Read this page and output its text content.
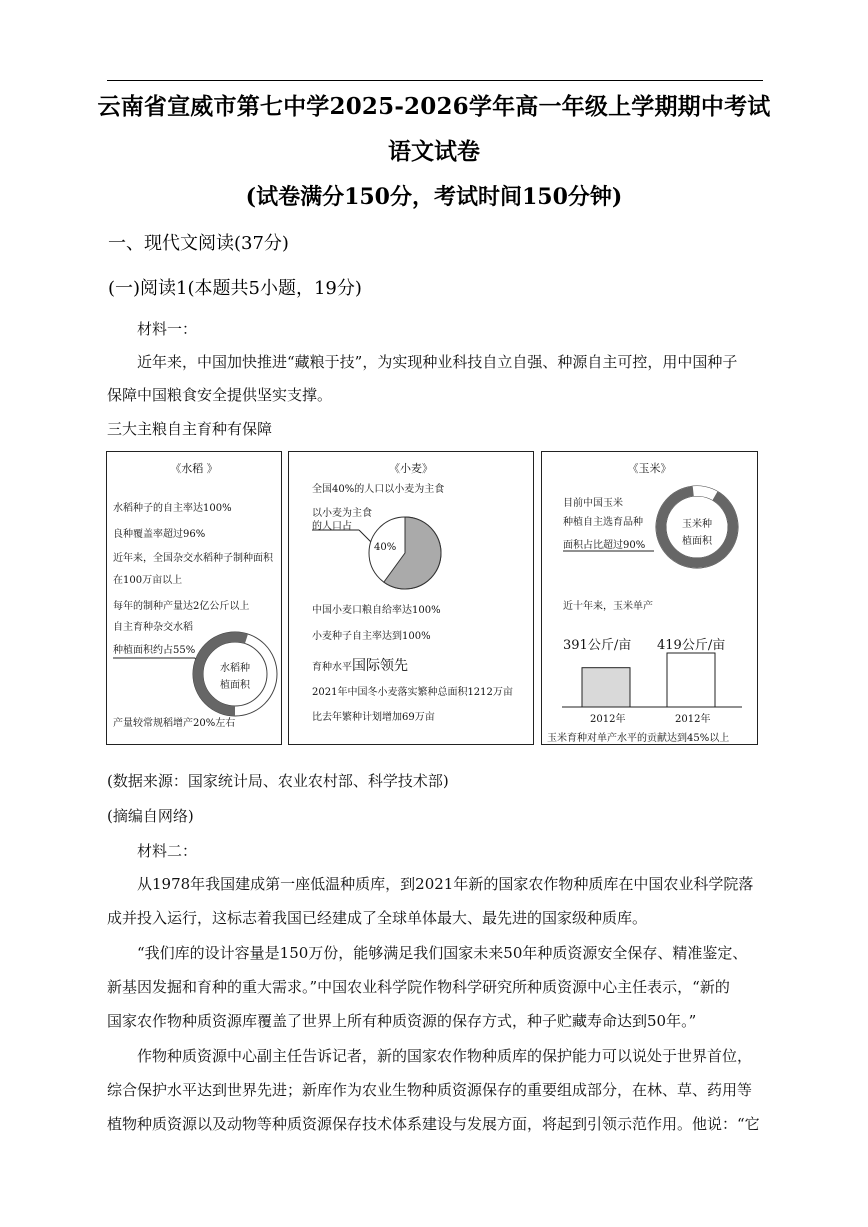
云南省宣威市第七中学2025-2026学年高一年级上学期期中考试
语文试卷
(试卷满分150分，考试时间150分钟)
一、现代文阅读(37分)
(一)阅读1(本题共5小题，19分)
材料一：
近年来，中国加快推进“藏粮于技”，为实现种业科技自立自强、种源自主可控，用中国种子
保障中国粮食安全提供坚实支撑。
三大主粮自主育种有保障
《水稻 》
水稻种子的自主率达100%
良种覆盖率超过96%
近年来，全国杂交水稻种子制种面积
在100万亩以上
每年的制种产量达2亿公斤以上
自主育种杂交水稻
种植面积约占55%
水稻种
植面积
产量较常规稻增产20%左右
《小麦》
全国40%的人口以小麦为主食
以小麦为主食
的人口占
40%
中国小麦口粮自给率达100%
小麦种子自主率达到100%
育种水平国际领先
2021年中国冬小麦落实繁种总面积1212万亩
比去年繁种计划增加69万亩
《玉米》
目前中国玉米
种植自主选育品种
面积占比超过90%
玉米种
植面积
近十年来，玉米单产
391公斤/亩 419公斤/亩
2012年	2012年
玉米育种对单产水平的贡献达到45%以上
(数据来源：国家统计局、农业农村部、科学技术部)
(摘编自网络)
材料二：
从1978年我国建成第一座低温种质库，到2021年新的国家农作物种质库在中国农业科学院落
成并投入运行，这标志着我国已经建成了全球单体最大、最先进的国家级种质库。
“我们库的设计容量是150万份，能够满足我们国家未来50年种质资源安全保存、精准鉴定、
新基因发掘和育种的重大需求。”中国农业科学院作物科学研究所种质资源中心主任表示，“新的
国家农作物种质资源库覆盖了世界上所有种质资源的保存方式，种子贮藏寿命达到50年。”
作物种质资源中心副主任告诉记者，新的国家农作物种质库的保护能力可以说处于世界首位，
综合保护水平达到世界先进；新库作为农业生物种质资源保存的重要组成部分，在林、草、药用等
植物种质资源以及动物等种质资源保存技术体系建设与发展方面，将起到引领示范作用。他说：“它
